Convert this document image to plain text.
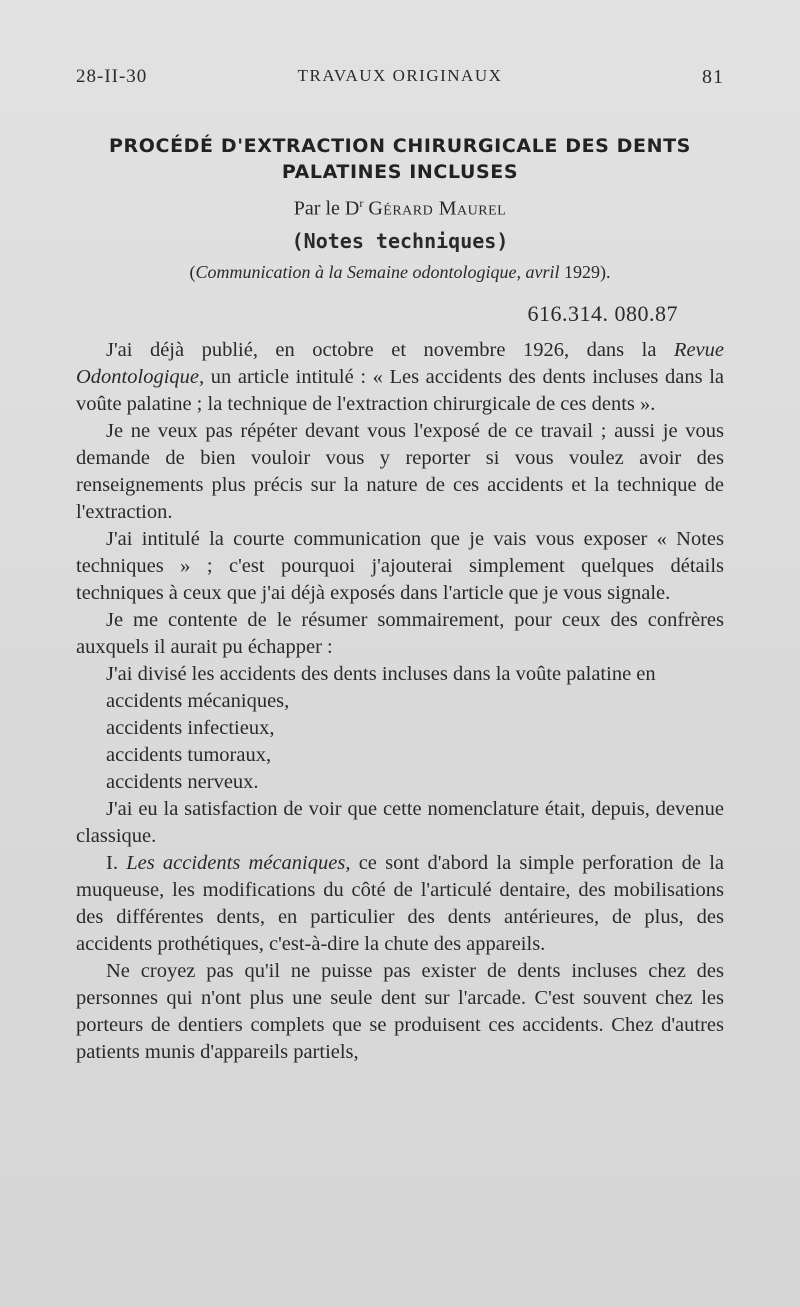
28-II-30	TRAVAUX ORIGINAUX	81
PROCÉDÉ D'EXTRACTION CHIRURGICALE DES DENTS
PALATINES INCLUSES
Par le $D^r$ Gérard Maurel
(Notes techniques)
(Communication à la Semaine odontologique, avril 1929).
616.314. 080.87

J'ai déjà publié, en octobre et novembre 1926, dans la Revue Odontologique, un article intitulé : « Les accidents des dents incluses dans la voûte palatine ; la technique de l'extraction chirurgicale de ces dents ».

Je ne veux pas répéter devant vous l'exposé de ce travail ; aussi je vous demande de bien vouloir vous y reporter si vous voulez avoir des renseignements plus précis sur la nature de ces accidents et la technique de l'extraction.

J'ai intitulé la courte communication que je vais vous exposer « Notes techniques » ; c'est pourquoi j'ajouterai simplement quelques détails techniques à ceux que j'ai déjà exposés dans l'article que je vous signale.

Je me contente de le résumer sommairement, pour ceux des confrères auxquels il aurait pu échapper :

J'ai divisé les accidents des dents incluses dans la voûte palatine en

accidents mécaniques,
accidents infectieux,
accidents tumoraux,
accidents nerveux.

J'ai eu la satisfaction de voir que cette nomenclature était, depuis, devenue classique.

I. Les accidents mécaniques, ce sont d'abord la simple perforation de la muqueuse, les modifications du côté de l'articulé dentaire, des mobilisations des différentes dents, en particulier des dents antérieures, de plus, des accidents prothétiques, c'est-à-dire la chute des appareils.

Ne croyez pas qu'il ne puisse pas exister de dents incluses chez des personnes qui n'ont plus une seule dent sur l'arcade. C'est souvent chez les porteurs de dentiers complets que se produisent ces accidents. Chez d'autres patients munis d'appareils partiels,
